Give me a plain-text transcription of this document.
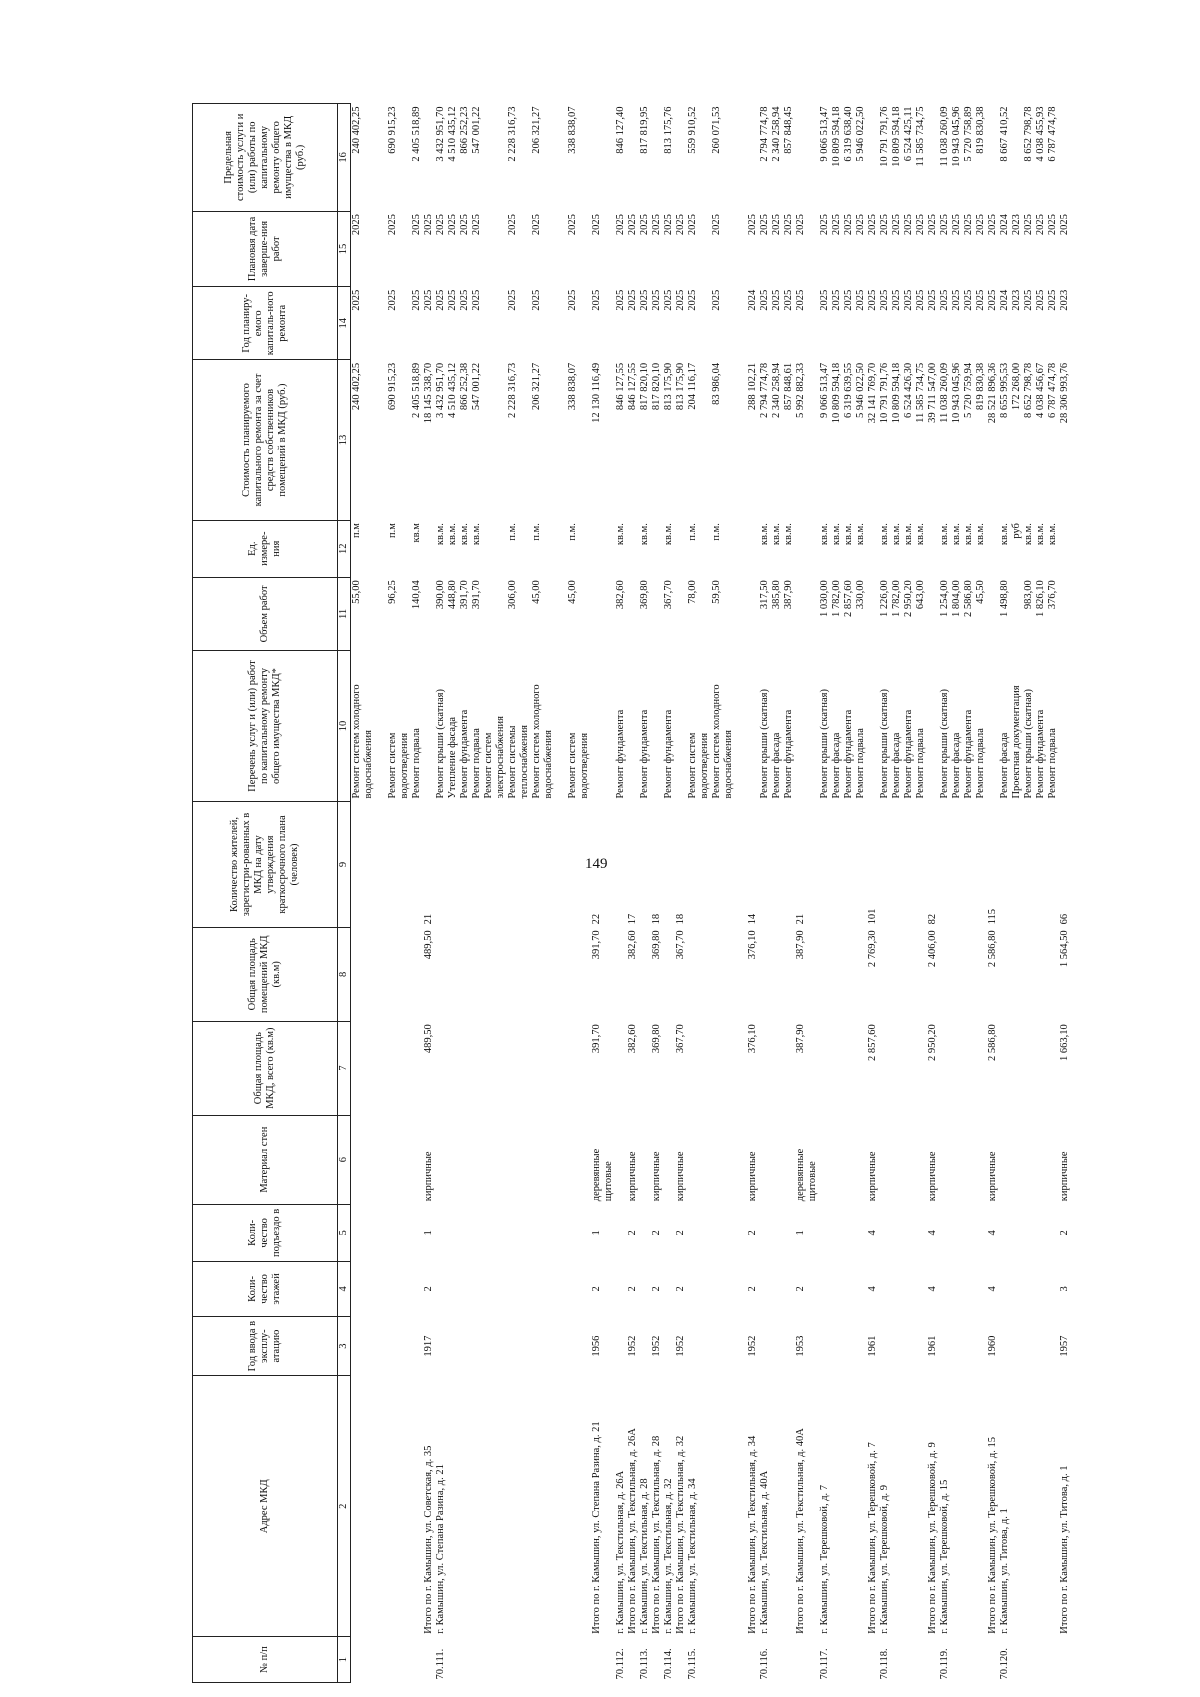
149
№ п/п	Адрес МКД	Год ввода в эксплу-атацию	Коли-чество этажей	Коли-чество подъездо в	Материал стен	Общая площадь МКД, всего (кв.м)	Общая площадь помещений МКД (кв.м)	Количество жителей, зарегистри-рованных в МКД на дату утверждения краткосрочного плана (человек)	Перечень услуг и (или) работ по капитальному ремонту общего имущества МКД*	Объем работ	Ед. измере-ния	Стоимость планируемого капитального ремонта за счет средств собственников помещений в МКД (руб.)	Год планиру-емого капиталь-ного ремонта	Плановая дата заверше-ния работ	Предельная стоимость услуги и (или) работы по капитальному ремонту общего имущества в МКД (руб.)
1	2	3	4	5	6	7	8	9	10	11	12	13	14	15	16
									Ремонт систем холодного	55,00	п.м	240 402,25	2025	2025	240 402,25
									водоснабжения						

									Ремонт систем	96,25	п.м	690 915,23	2025	2025	690 915,23
									водоотведения						
									Ремонт подвала	140,04	кв.м	2 405 518,89	2025	2025	2 405 518,89
	Итого по г. Камышин, ул. Советская, д. 35	1917	2	1	кирпичные	489,50	489,50	21				18 145 338,70	2025	2025	
70.111.	г. Камышин, ул. Степана Разина, д. 21								Ремонт крыши (скатная)	390,00	кв.м.	3 432 951,70	2025	2025	3 432 951,70
									Утепление фасада	448,80	кв.м.	4 510 435,12	2025	2025	4 510 435,12
									Ремонт фундамента	391,70	кв.м.	866 252,38	2025	2025	866 252,23
									Ремонт подвала	391,70	кв.м.	547 001,22	2025	2025	547 001,22
									Ремонт систем						
									электроснабжения						
									Ремонт системы	306,00	п.м.	2 228 316,73	2025	2025	2 228 316,73
									теплоснабжения						
									Ремонт систем холодного	45,00	п.м.	206 321,27	2025	2025	206 321,27
									водоснабжения						

									Ремонт систем	45,00	п.м.	338 838,07	2025	2025	338 838,07
									водоотведения						
	Итого по г. Камышин, ул. Степана Разина, д. 21	1956	2	1	деревянные	391,70	391,70	22				12 130 116,49	2025	2025	
					щитовые										
70.112.	г. Камышин, ул. Текстильная, д. 26А								Ремонт фундамента	382,60	кв.м.	846 127,55	2025	2025	846 127,40
	Итого по г. Камышин, ул. Текстильная, д. 26А	1952	2	2	кирпичные	382,60	382,60	17				846 127,55	2025	2025	
70.113.	г. Камышин, ул. Текстильная, д. 28								Ремонт фундамента	369,80	кв.м.	817 820,10	2025	2025	817 819,95
	Итого по г. Камышин, ул. Текстильная, д. 28	1952	2	2	кирпичные	369,80	369,80	18				817 820,10	2025	2025	
70.114.	г. Камышин, ул. Текстильная, д. 32								Ремонт фундамента	367,70	кв.м.	813 175,90	2025	2025	813 175,76
	Итого по г. Камышин, ул. Текстильная, д. 32	1952	2	2	кирпичные	367,70	367,70	18				813 175,90	2025	2025	
70.115.	г. Камышин, ул. Текстильная, д. 34								Ремонт систем	78,00	п.м.	204 116,17	2025	2025	559 910,52
									водоотведения						
									Ремонт систем холодного	59,50	п.м.	83 986,04	2025	2025	260 071,53
									водоснабжения						

	Итого по г. Камышин, ул. Текстильная, д. 34	1952	2	2	кирпичные	376,10	376,10	14				288 102,21	2024	2025	
70.116.	г. Камышин, ул. Текстильная, д. 40А								Ремонт крыши (скатная)	317,50	кв.м.	2 794 774,78	2025	2025	2 794 774,78
									Ремонт фасада	385,80	кв.м.	2 340 258,94	2025	2025	2 340 258,94
									Ремонт фундамента	387,90	кв.м.	857 848,61	2025	2025	857 848,45
	Итого по г. Камышин, ул. Текстильная, д. 40А	1953	2	1	деревянные	387,90	387,90	21				5 992 882,33	2025	2025	
					щитовые										
70.117.	г. Камышин, ул. Терешковой, д. 7								Ремонт крыши (скатная)	1 030,00	кв.м.	9 066 513,47	2025	2025	9 066 513,47
									Ремонт фасада	1 782,00	кв.м.	10 809 594,18	2025	2025	10 809 594,18
									Ремонт фундамента	2 857,60	кв.м.	6 319 639,55	2025	2025	6 319 638,40
									Ремонт подвала	330,00	кв.м.	5 946 022,50	2025	2025	5 946 022,50
	Итого по г. Камышин, ул. Терешковой, д. 7	1961	4	4	кирпичные	2 857,60	2 769,30	101				32 141 769,70	2025	2025	
70.118.	г. Камышин, ул. Терешковой, д. 9								Ремонт крыши (скатная)	1 226,00	кв.м.	10 791 791,76	2025	2025	10 791 791,76
									Ремонт фасада	1 782,00	кв.м.	10 809 594,18	2025	2025	10 809 594,18
									Ремонт фундамента	2 950,20	кв.м.	6 524 426,30	2025	2025	6 524 425,11
									Ремонт подвала	643,00	кв.м.	11 585 734,75	2025	2025	11 585 734,75
	Итого по г. Камышин, ул. Терешковой, д. 9	1961	4	4	кирпичные	2 950,20	2 406,00	82				39 711 547,00	2025	2025	
70.119.	г. Камышин, ул. Терешковой, д. 15								Ремонт крыши (скатная)	1 254,00	кв.м.	11 038 260,09	2025	2025	11 038 260,09
									Ремонт фасада	1 804,00	кв.м.	10 943 045,96	2025	2025	10 943 045,96
									Ремонт фундамента	2 586,80	кв.м.	5 720 759,94	2025	2025	5 720 758,89
									Ремонт подвала	45,50	кв.м.	819 830,38	2025	2025	819 830,38
	Итого по г. Камышин, ул. Терешковой, д. 15	1960	4	4	кирпичные	2 586,80	2 586,80	115				28 521 896,36	2025	2025	
70.120.	г. Камышин, ул. Титова, д. 1								Ремонт фасада	1 498,80	кв.м.	8 655 995,53	2024	2024	8 667 410,52
									Проектная документация		руб	172 268,00	2023	2023	
									Ремонт крыши (скатная)	983,00	кв.м.	8 652 798,78	2025	2025	8 652 798,78
									Ремонт фундамента	1 826,10	кв.м.	4 038 456,67	2025	2025	4 038 455,93
									Ремонт подвала	376,70	кв.м.	6 787 474,78	2025	2025	6 787 474,78
	Итого по г. Камышин, ул. Титова, д. 1	1957	3	2	кирпичные	1 663,10	1 564,50	66				28 306 993,76	2023	2025	
